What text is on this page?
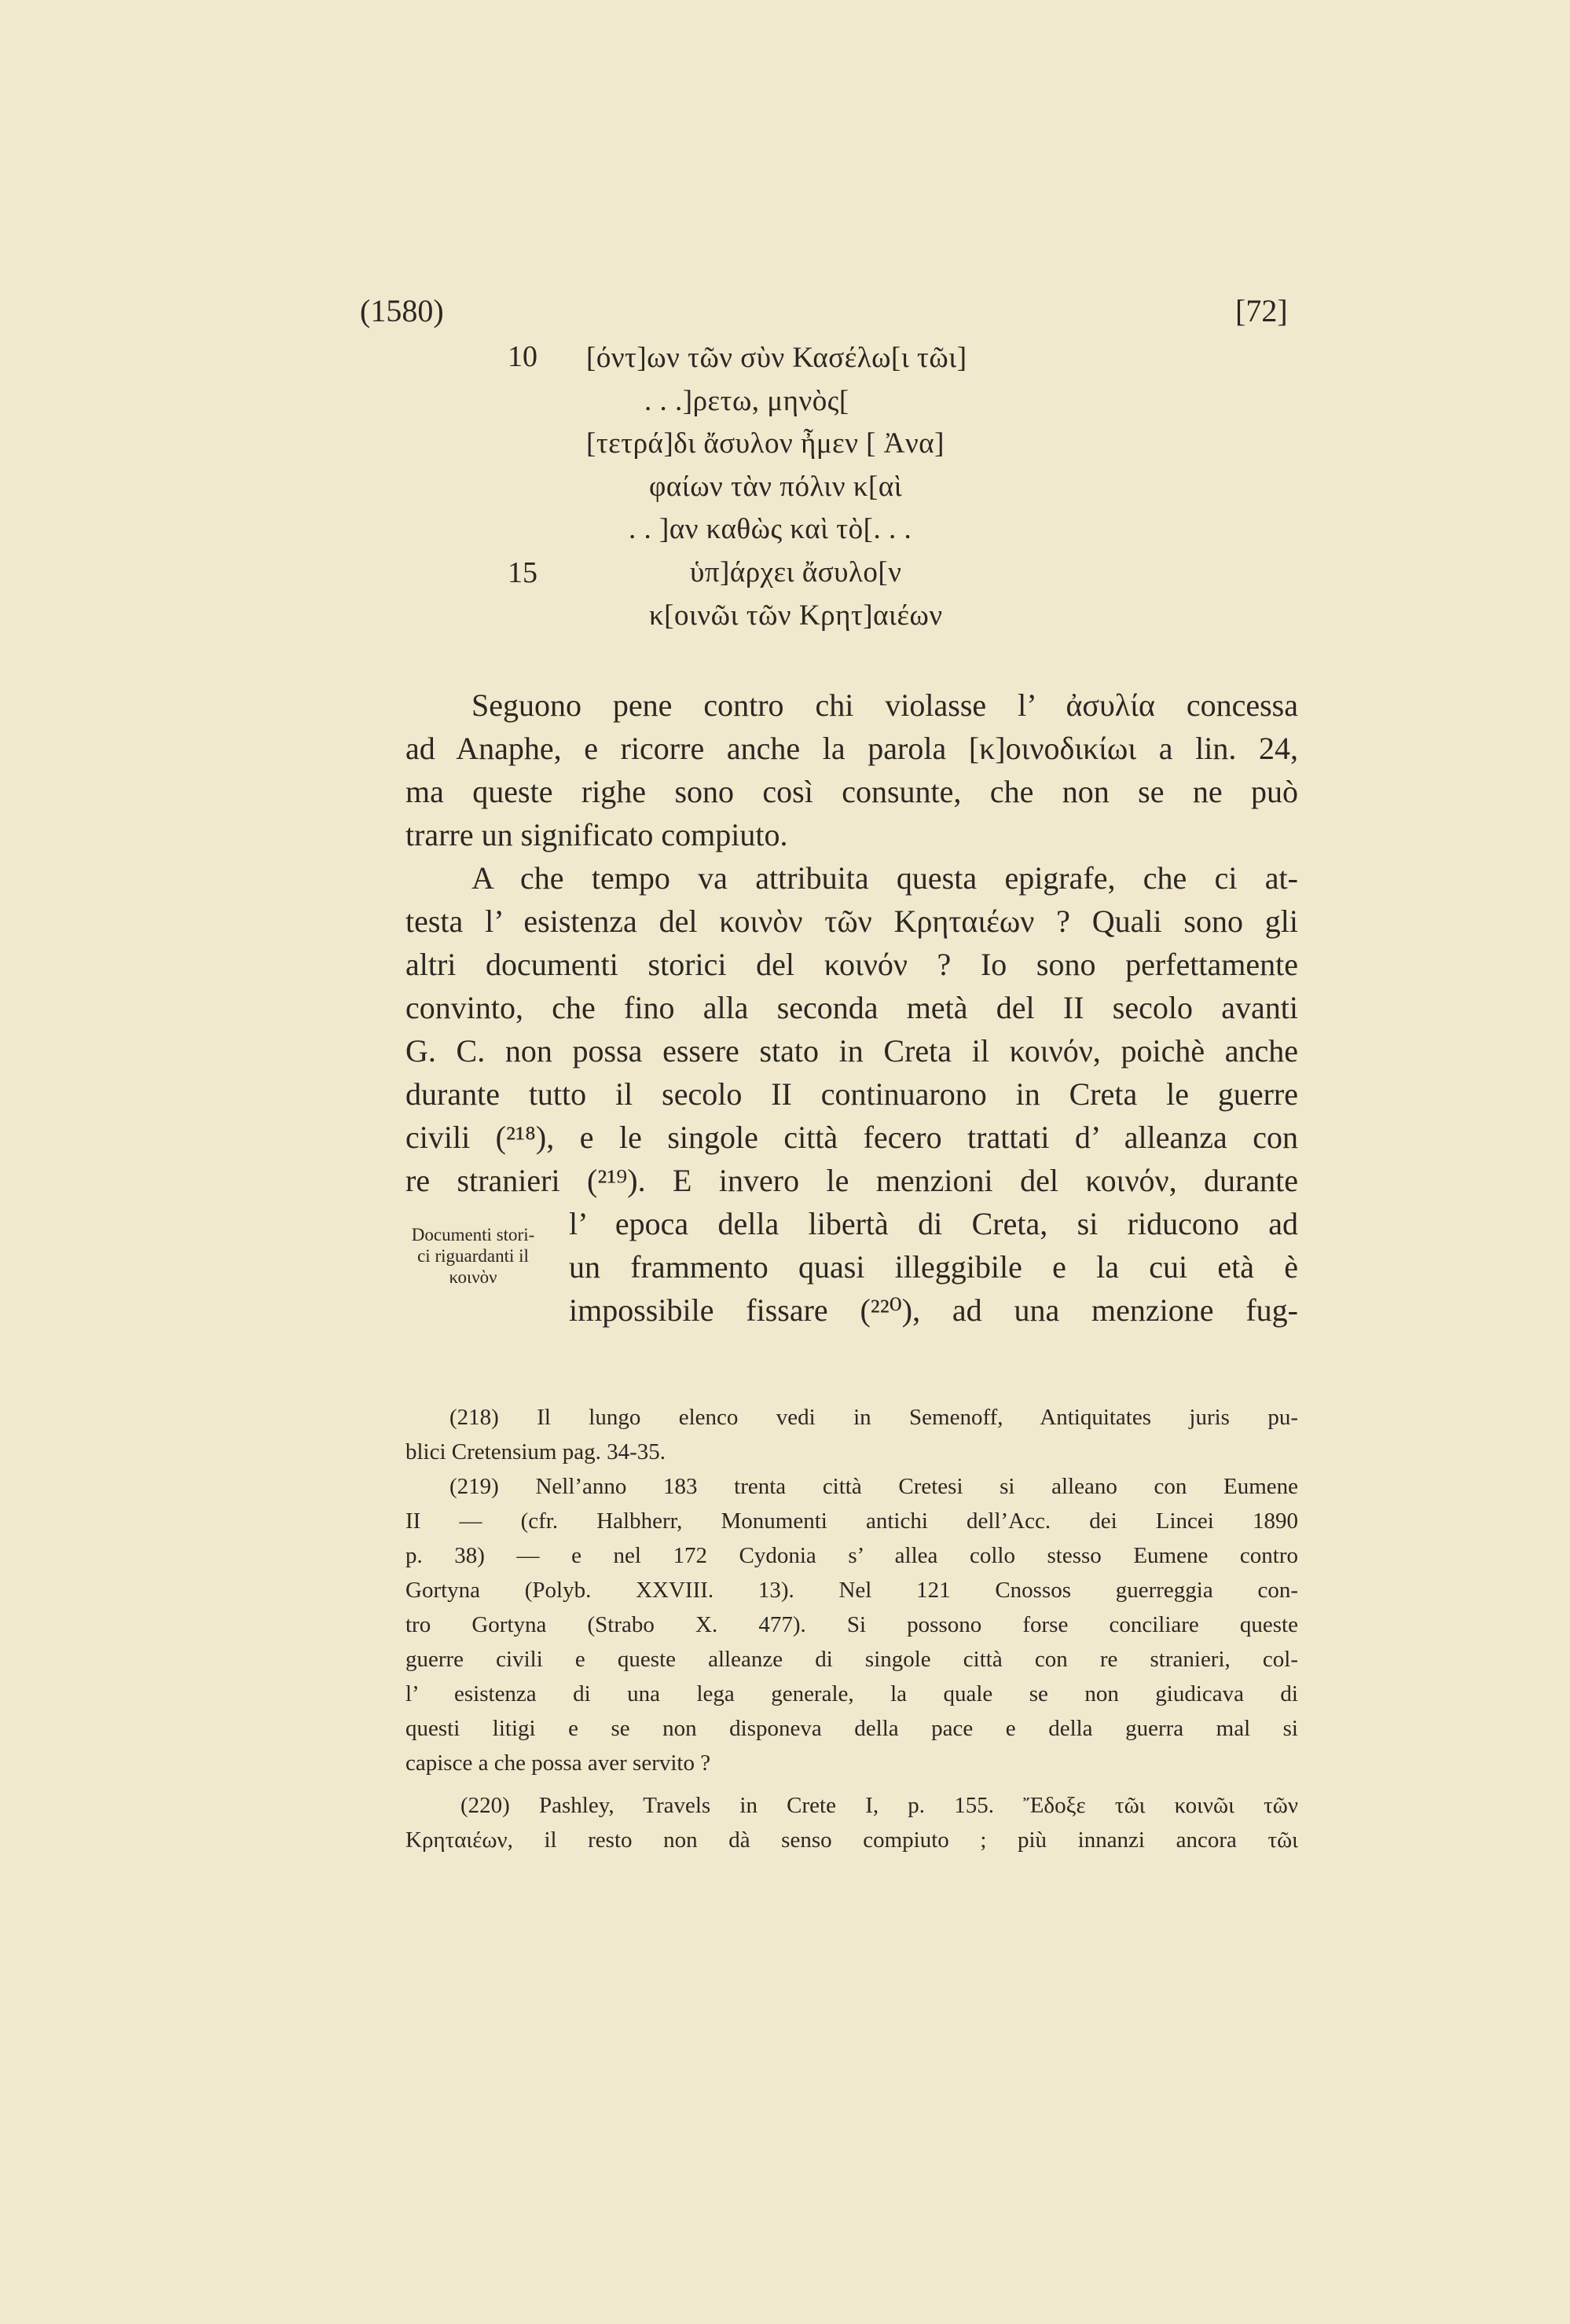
(1580)	[72]
10
15
[όντ]ων τῶν σὺν Κασέλω[ι τῶι]
. . .]ρετω, μηνὸς[
[τετρά]δι ἄσυλον ἦμεν [ Ἀνα]
φαίων τὰν πόλιν κ[αὶ
. . ]αν καθὼς καὶ τὸ[. . .
ὑπ]άρχει ἄσυλο[ν
κ[οινῶι τῶν Κρητ]αιέων
Seguono pene contro chi violasse l’ ἀσυλία concessa
ad Anaphe, e ricorre anche la parola [κ]οινοδικίωι a lin. 24,
ma queste righe sono così consunte, che non se ne può
trarre un significato compiuto.
A che tempo va attribuita questa epigrafe, che ci at-
testa l’ esistenza del κοινὸν τῶν Κρηταιέων ? Quali sono gli
altri documenti storici del κοινόν ? Io sono perfettamente
convinto, che fino alla seconda metà del II secolo avanti
G. C. non possa essere stato in Creta il κοινόν, poichè anche
durante tutto il secolo II continuarono in Creta le guerre
civili (²¹⁸), e le singole città fecero trattati d’ alleanza con
re stranieri (²¹⁹). E invero le menzioni del κοινόν, durante
l’ epoca della libertà di Creta, si riducono ad
un frammento quasi illeggibile e la cui età è
impossibile fissare (²²⁰), ad una menzione fug-
Documenti stori-
ci riguardanti il
κοινὸν
(218) Il lungo elenco vedi in Semenoff, Antiquitates juris pu-
blici Cretensium pag. 34-35.
(219) Nell’anno 183 trenta città Cretesi si alleano con Eumene
II — (cfr. Halbherr, Monumenti antichi dell’Acc. dei Lincei 1890
p. 38) — e nel 172 Cydonia s’ allea collo stesso Eumene contro
Gortyna (Polyb. XXVIII. 13). Nel 121 Cnossos guerreggia con-
tro Gortyna (Strabo X. 477). Si possono forse conciliare queste
guerre civili e queste alleanze di singole città con re stranieri, col-
l’ esistenza di una lega generale, la quale se non giudicava di
questi litigi e se non disponeva della pace e della guerra mal si
capisce a che possa aver servito ?
(220) Pashley, Travels in Crete I, p. 155. Ἔδοξε τῶι κοινῶι τῶν
Κρηταιέων, il resto non dà senso compiuto ; più innanzi ancora τῶι
